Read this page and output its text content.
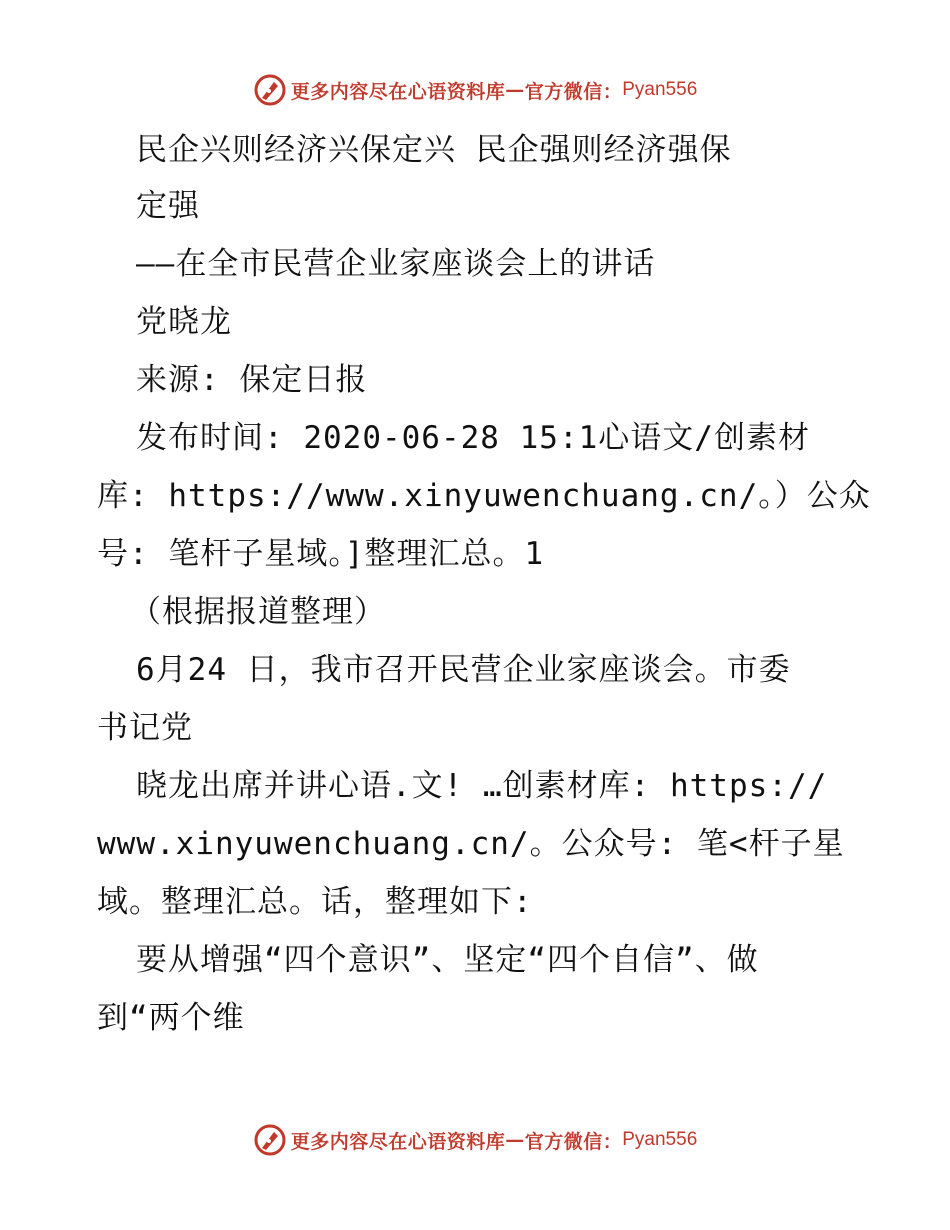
更多内容尽在心语资料库 — 官方微信： Pyan556
民企兴则经济兴保定兴 民企强则经济强保
定强
——在全市民营企业家座谈会上的讲话
党晓龙
来源: 保定日报
发布时间: 2020-06-28 15:1心语文/创素材
库: https://www.xinyuwenchuang.cn/。）公众
号: 笔杆子星域。]整理汇总。1
（根据报道整理）
6月24 日，我市召开民营企业家座谈会。市委
书记党
晓龙出席并讲心语.文! …创素材库: https://
www.xinyuwenchuang.cn/。公众号: 笔<杆子星
域。整理汇总。话，整理如下:
要从增强“四个意识”、坚定“四个自信”、做
到“两个维
更多内容尽在心语资料库 — 官方微信： Pyan556
